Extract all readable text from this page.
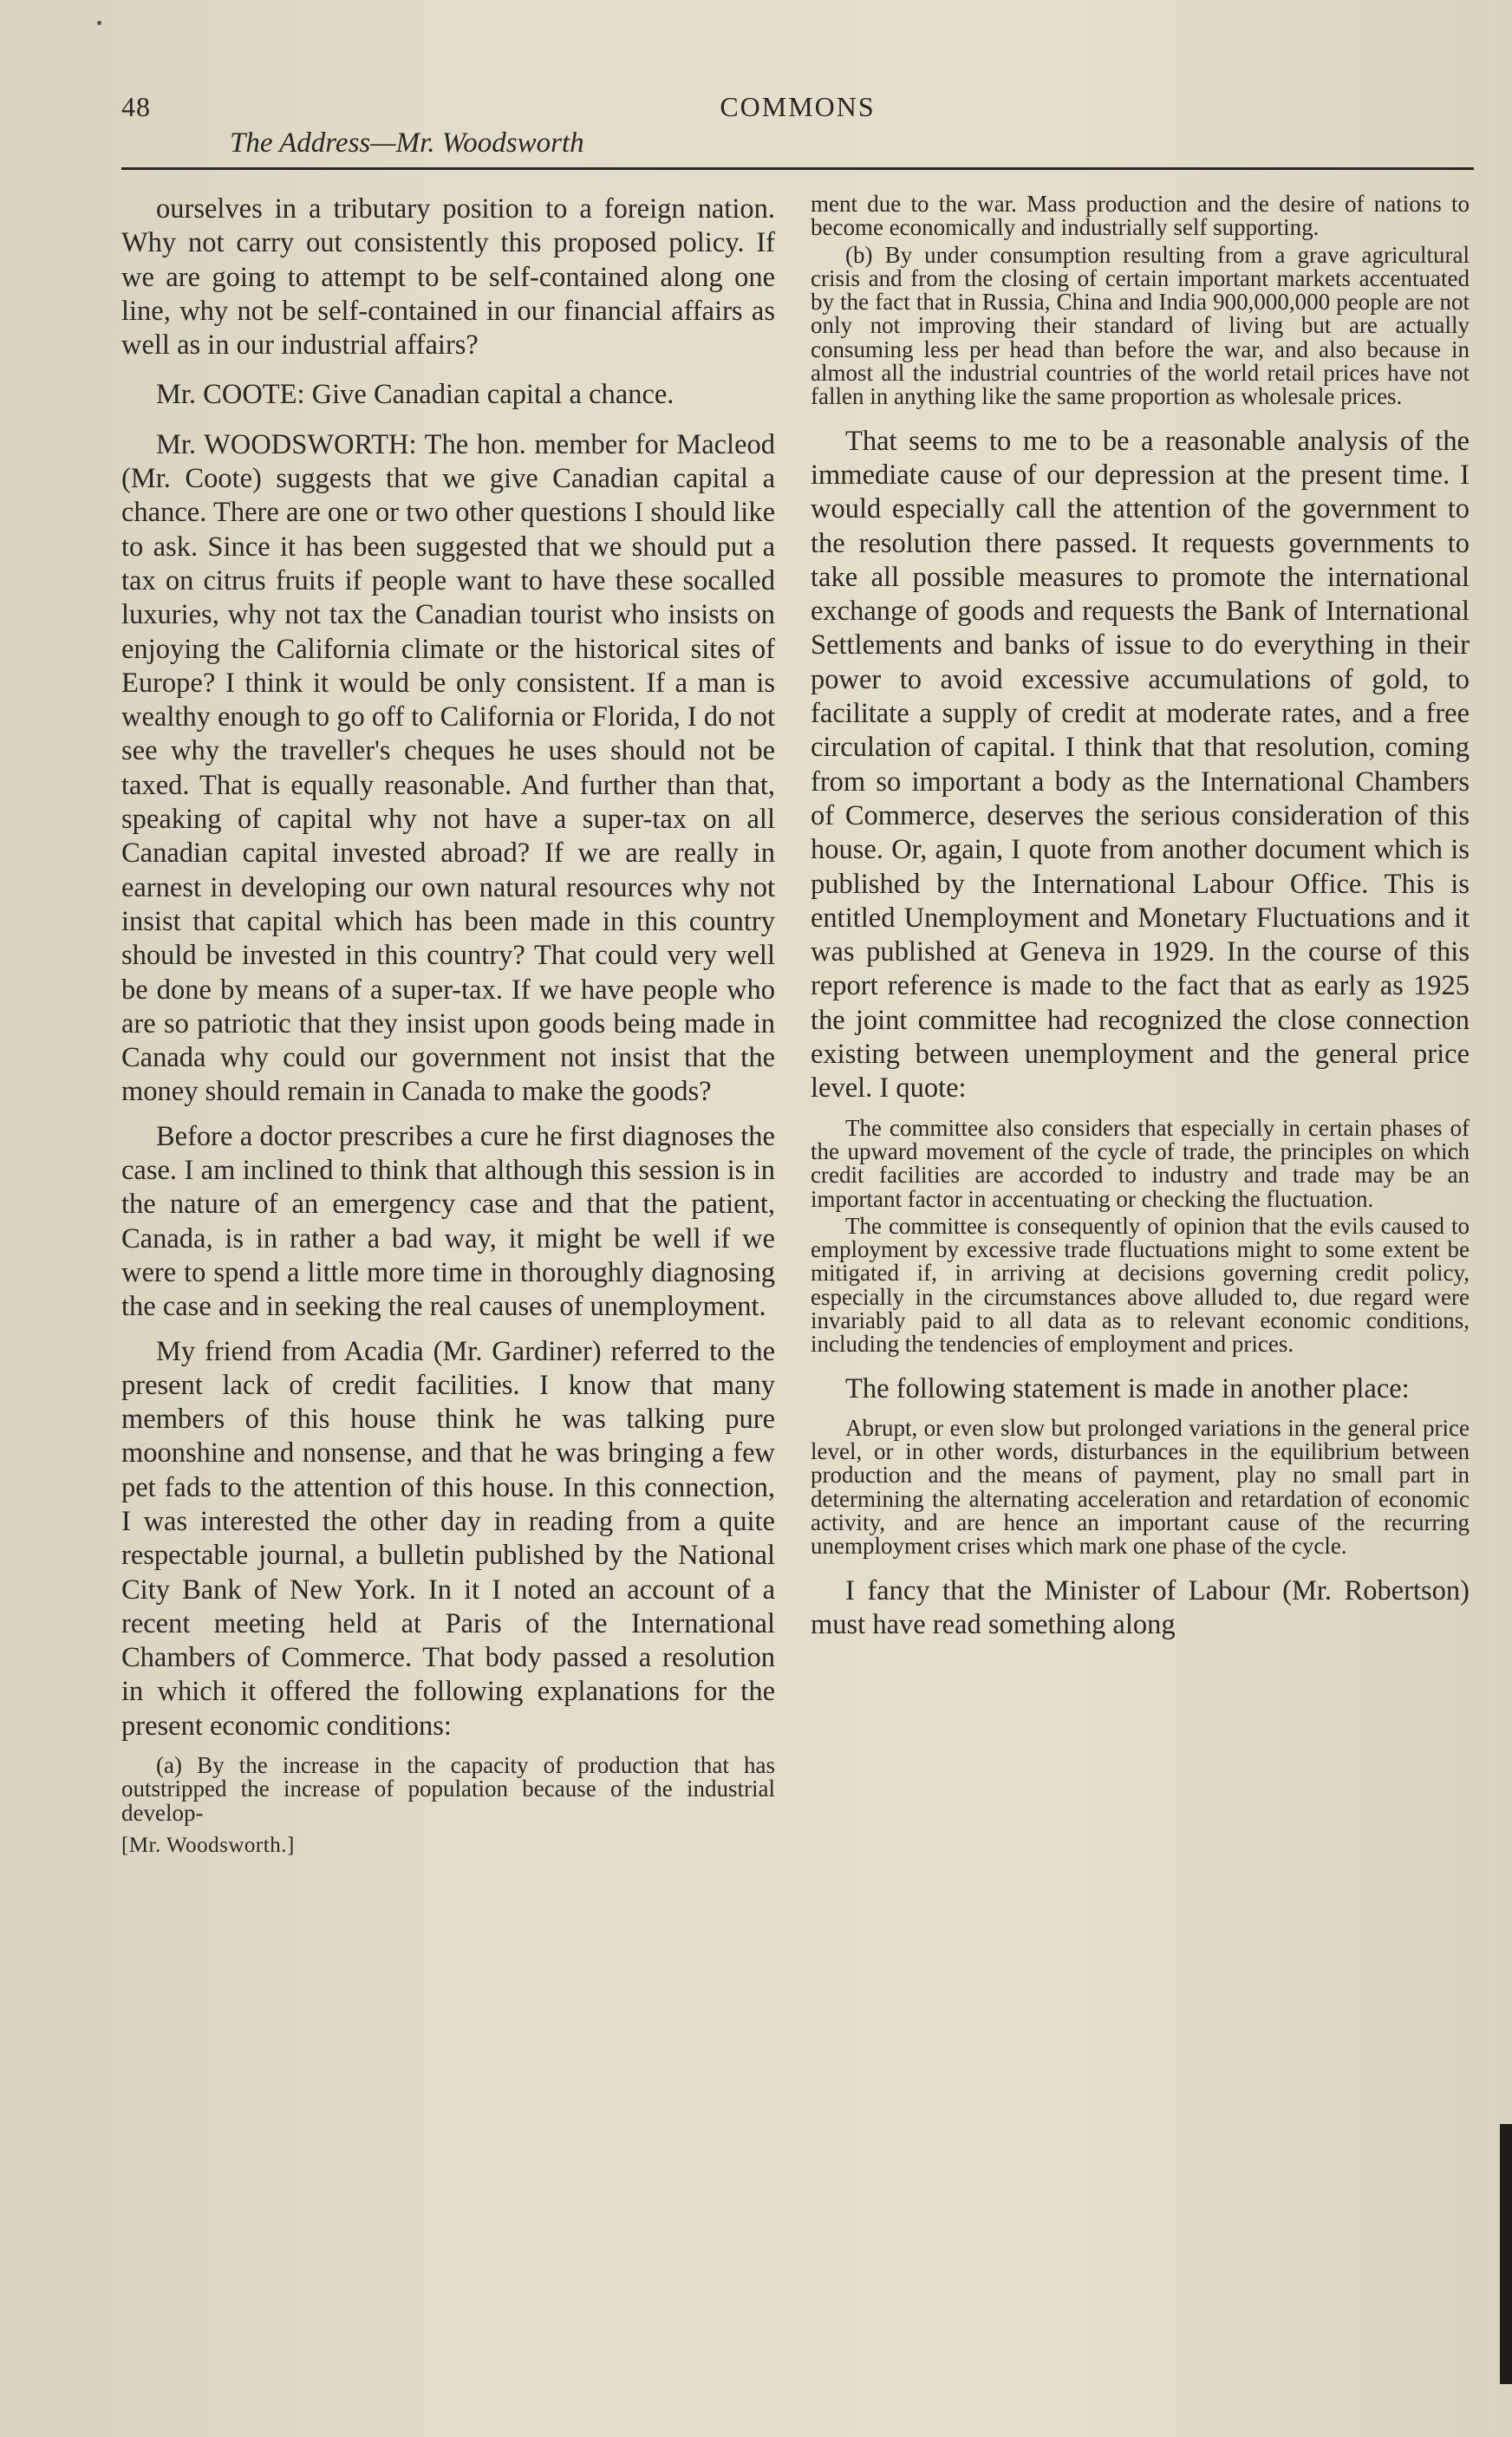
48	COMMONS
The Address—Mr. Woodsworth

ourselves in a tributary position to a foreign nation. Why not carry out consistently this proposed policy. If we are going to attempt to be self-contained along one line, why not be self-contained in our financial affairs as well as in our industrial affairs?

Mr. COOTE: Give Canadian capital a chance.

Mr. WOODSWORTH: The hon. member for Macleod (Mr. Coote) suggests that we give Canadian capital a chance. There are one or two other questions I should like to ask. Since it has been suggested that we should put a tax on citrus fruits if people want to have these socalled luxuries, why not tax the Canadian tourist who insists on enjoying the California climate or the historical sites of Europe? I think it would be only consistent. If a man is wealthy enough to go off to California or Florida, I do not see why the traveller's cheques he uses should not be taxed. That is equally reasonable. And further than that, speaking of capital why not have a super-tax on all Canadian capital invested abroad? If we are really in earnest in developing our own natural resources why not insist that capital which has been made in this country should be invested in this country? That could very well be done by means of a super-tax. If we have people who are so patriotic that they insist upon goods being made in Canada why could our government not insist that the money should remain in Canada to make the goods?

Before a doctor prescribes a cure he first diagnoses the case. I am inclined to think that although this session is in the nature of an emergency case and that the patient, Canada, is in rather a bad way, it might be well if we were to spend a little more time in thoroughly diagnosing the case and in seeking the real causes of unemployment.

My friend from Acadia (Mr. Gardiner) referred to the present lack of credit facilities. I know that many members of this house think he was talking pure moonshine and nonsense, and that he was bringing a few pet fads to the attention of this house. In this connection, I was interested the other day in reading from a quite respectable journal, a bulletin published by the National City Bank of New York. In it I noted an account of a recent meeting held at Paris of the International Chambers of Commerce. That body passed a resolution in which it offered the following explanations for the present economic conditions:

(a) By the increase in the capacity of production that has outstripped the increase of population because of the industrial develop-

[Mr. Woodsworth.]

ment due to the war. Mass production and the desire of nations to become economically and industrially self supporting.

(b) By under consumption resulting from a grave agricultural crisis and from the closing of certain important markets accentuated by the fact that in Russia, China and India 900,000,000 people are not only not improving their standard of living but are actually consuming less per head than before the war, and also because in almost all the industrial countries of the world retail prices have not fallen in anything like the same proportion as wholesale prices.

That seems to me to be a reasonable analysis of the immediate cause of our depression at the present time. I would especially call the attention of the government to the resolution there passed. It requests governments to take all possible measures to promote the international exchange of goods and requests the Bank of International Settlements and banks of issue to do everything in their power to avoid excessive accumulations of gold, to facilitate a supply of credit at moderate rates, and a free circulation of capital. I think that that resolution, coming from so important a body as the International Chambers of Commerce, deserves the serious consideration of this house. Or, again, I quote from another document which is published by the International Labour Office. This is entitled Unemployment and Monetary Fluctuations and it was published at Geneva in 1929. In the course of this report reference is made to the fact that as early as 1925 the joint committee had recognized the close connection existing between unemployment and the general price level. I quote:

The committee also considers that especially in certain phases of the upward movement of the cycle of trade, the principles on which credit facilities are accorded to industry and trade may be an important factor in accentuating or checking the fluctuation.

The committee is consequently of opinion that the evils caused to employment by excessive trade fluctuations might to some extent be mitigated if, in arriving at decisions governing credit policy, especially in the circumstances above alluded to, due regard were invariably paid to all data as to relevant economic conditions, including the tendencies of employment and prices.

The following statement is made in another place:

Abrupt, or even slow but prolonged variations in the general price level, or in other words, disturbances in the equilibrium between production and the means of payment, play no small part in determining the alternating acceleration and retardation of economic activity, and are hence an important cause of the recurring unemployment crises which mark one phase of the cycle.

I fancy that the Minister of Labour (Mr. Robertson) must have read something along
